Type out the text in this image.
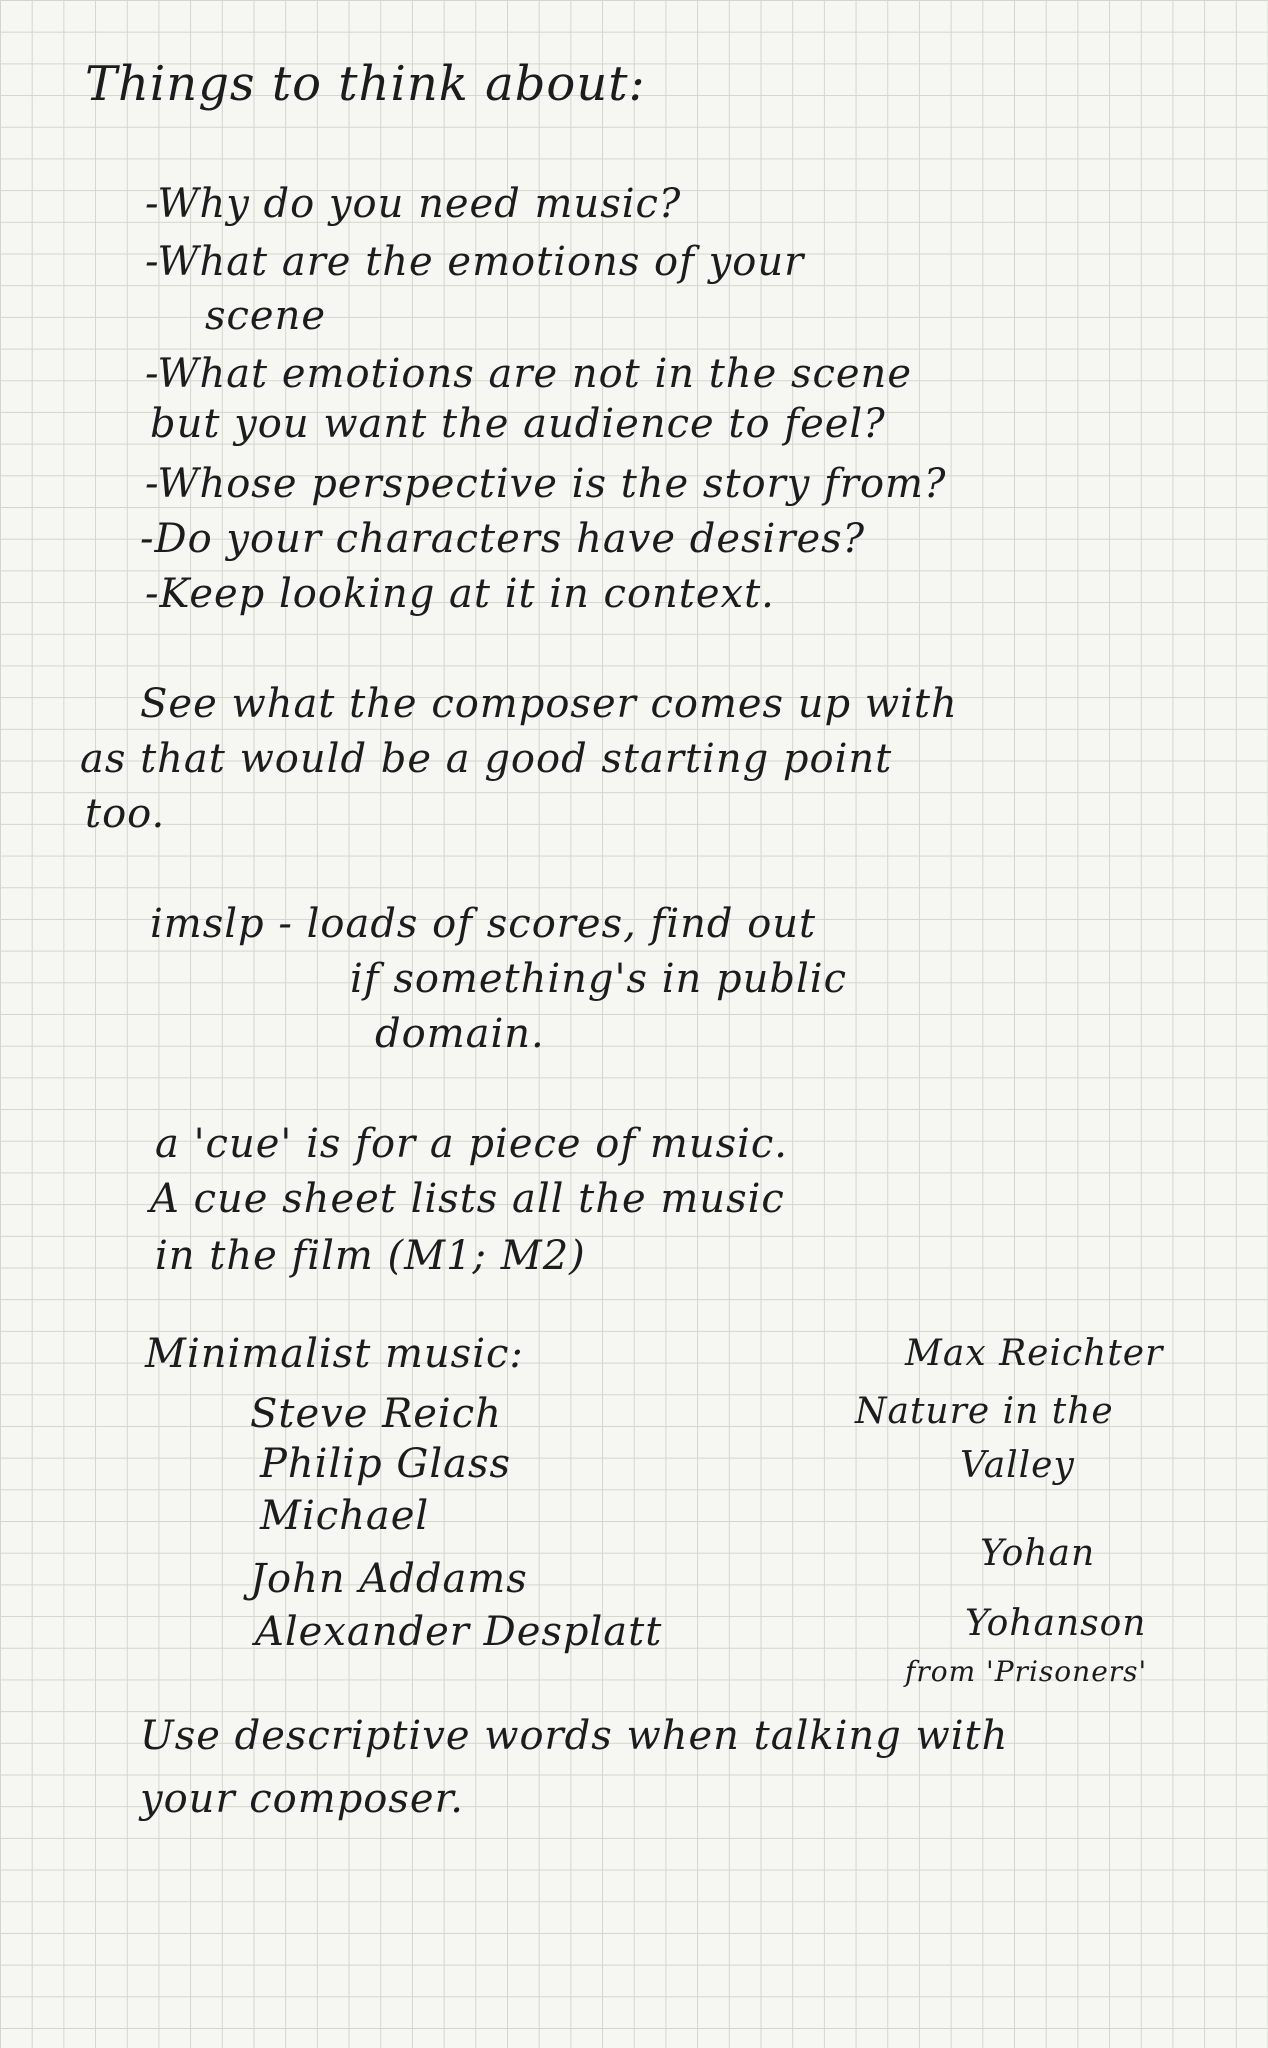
Things to think about:
-Why do you need music?
-What are the emotions of your
scene
-What emotions are not in the scene
but you want the audience to feel?
-Whose perspective is the story from?
-Do your characters have desires?
-Keep looking at it in context.
See what the composer comes up with
as that would be a good starting point
too.
imslp - loads of scores, find out
if something's in public
domain.
a 'cue' is for a piece of music.
A cue sheet lists all the music
in the film (M1; M2)
Minimalist music:
Steve Reich
Philip Glass
Michael
John Addams
Alexander Desplatt
Max Reichter
Nature in the
Valley
Yohan
Yohanson
from 'Prisoners'
Use descriptive words when talking with
your composer.
